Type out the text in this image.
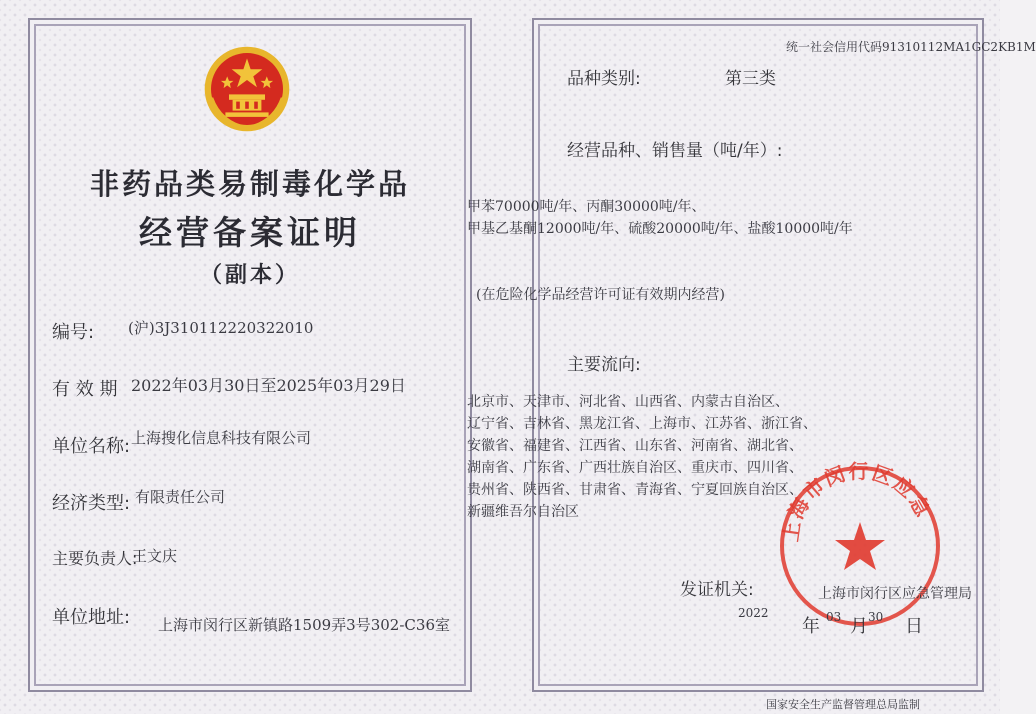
非药品类易制毒化学品
经营备案证明
（副本）
编号: (沪)3J310112220322010
有 效 期 2022年03月30日至2025年03月29日
单位名称: 上海搜化信息科技有限公司
经济类型: 有限责任公司
主要负责人:
王文庆
单位地址: 上海市闵行区新镇路1509弄3号302-C36室
统一社会信用代码91310112MA1GC2KB1M
品种类别:	第三类
经营品种、销售量（吨/年）:
甲苯70000吨/年、丙酮30000吨/年、
甲基乙基酮12000吨/年、硫酸20000吨/年、盐酸10000吨/年
(在危险化学品经营许可证有效期内经营)
主要流向:
北京市、天津市、河北省、山西省、内蒙古自治区、
辽宁省、吉林省、黑龙江省、上海市、江苏省、浙江省、
安徽省、福建省、江西省、山东省、河南省、湖北省、
湖南省、广东省、广西壮族自治区、重庆市、四川省、
贵州省、陕西省、甘肃省、青海省、宁夏回族自治区、
新疆维吾尔自治区
上海市闵行区应急
发证机关:	上海市闵行区应急管理局
2022	03 30
年 月 日
国家安全生产监督管理总局监制
